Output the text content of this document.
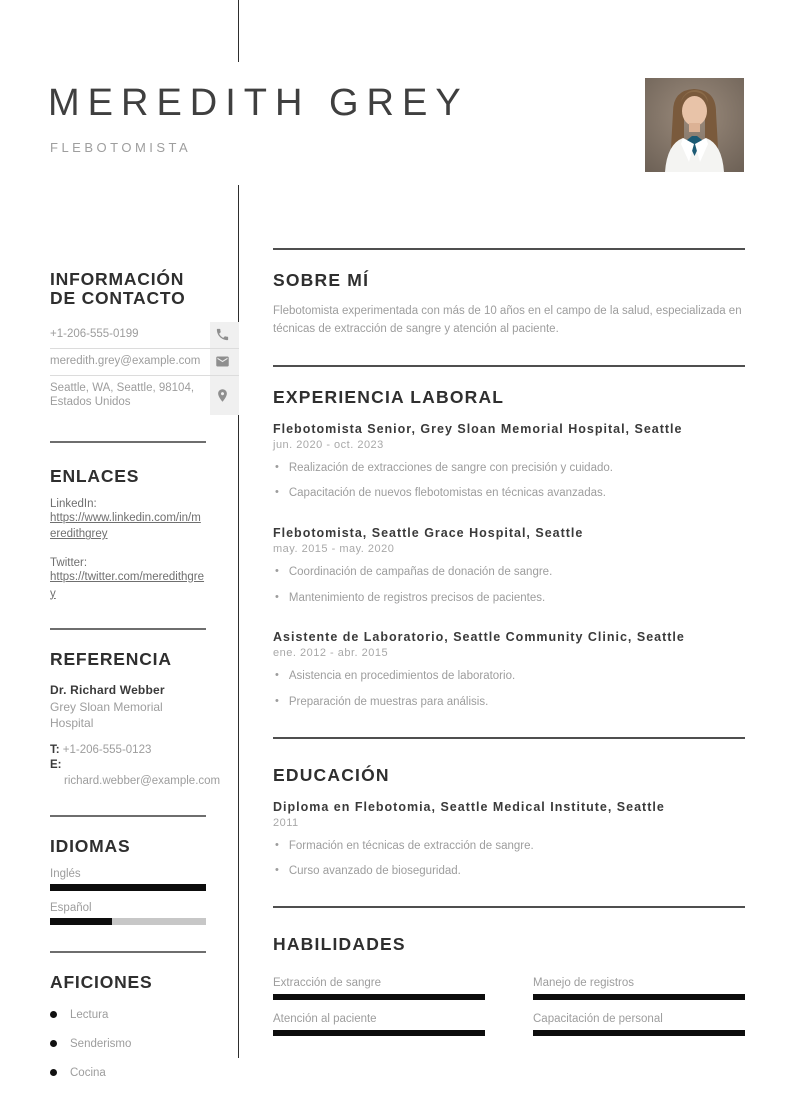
MEREDITH GREY
FLEBOTOMISTA
INFORMACIÓN DE CONTACTO
+1-206-555-0199
meredith.grey@example.com
Seattle, WA, Seattle, 98104, Estados Unidos
ENLACES
LinkedIn:
https://www.linkedin.com/in/meredithgrey
Twitter:
https://twitter.com/meredithgrey
REFERENCIA
Dr. Richard Webber
Grey Sloan Memorial Hospital
T: +1-206-555-0123
E: richard.webber@example.com
IDIOMAS
Inglés
Español
AFICIONES
Lectura
Senderismo
Cocina
SOBRE MÍ

Flebotomista experimentada con más de 10 años en el campo de la salud, especializada en técnicas de extracción de sangre y atención al paciente.

EXPERIENCIA LABORAL
Flebotomista Senior, Grey Sloan Memorial Hospital, Seattle
jun. 2020 - oct. 2023
• Realización de extracciones de sangre con precisión y cuidado.
• Capacitación de nuevos flebotomistas en técnicas avanzadas.
Flebotomista, Seattle Grace Hospital, Seattle
may. 2015 - may. 2020
• Coordinación de campañas de donación de sangre.
• Mantenimiento de registros precisos de pacientes.
Asistente de Laboratorio, Seattle Community Clinic, Seattle
ene. 2012 - abr. 2015
• Asistencia en procedimientos de laboratorio.
• Preparación de muestras para análisis.
EDUCACIÓN
Diploma en Flebotomia, Seattle Medical Institute, Seattle
2011
• Formación en técnicas de extracción de sangre.
• Curso avanzado de bioseguridad.
HABILIDADES
Extracción de sangre	Manejo de registros
Atención al paciente	Capacitación de personal
